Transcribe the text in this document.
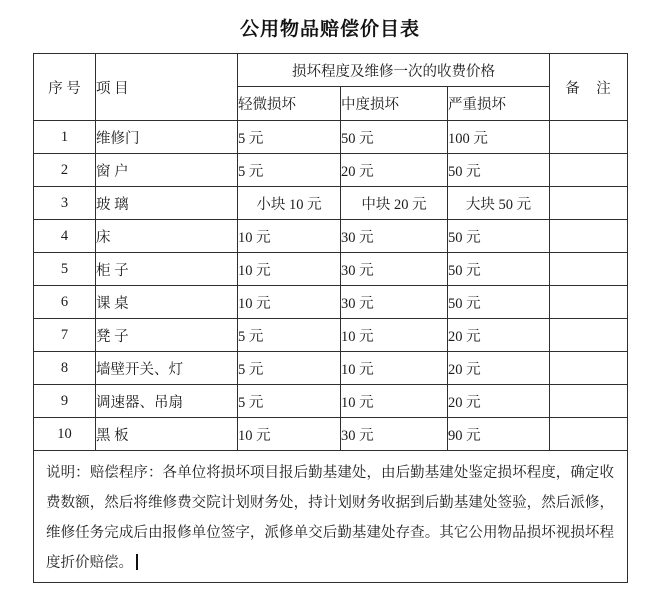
公用物品赔偿价目表
序 号	项 目	损坏程度及维修一次的收费价格			备　注
		轻微损坏	中度损坏	严重损坏	
1	维修门	5 元	50 元	100 元	
2	窗 户	5 元	20 元	50 元	
3	玻 璃	小块 10 元	中块 20 元	大块 50 元	
4	床	10 元	30 元	50 元	
5	柜 子	10 元	30 元	50 元	
6	课 桌	10 元	30 元	50 元	
7	凳 子	5 元	10 元	20 元	
8	墙壁开关、灯	5 元	10 元	20 元	
9	调速器、吊扇	5 元	10 元	20 元	
10	黑 板	10 元	30 元	90 元	
说明：赔偿程序：各单位将损坏项目报后勤基建处，由后勤基建处鉴定损坏程度，确定收费数额，然后将维修费交院计划财务处，持计划财务收据到后勤基建处签验，然后派修，维修任务完成后由报修单位签字，派修单交后勤基建处存查。其它公用物品损坏视损坏程度折价赔偿。					
